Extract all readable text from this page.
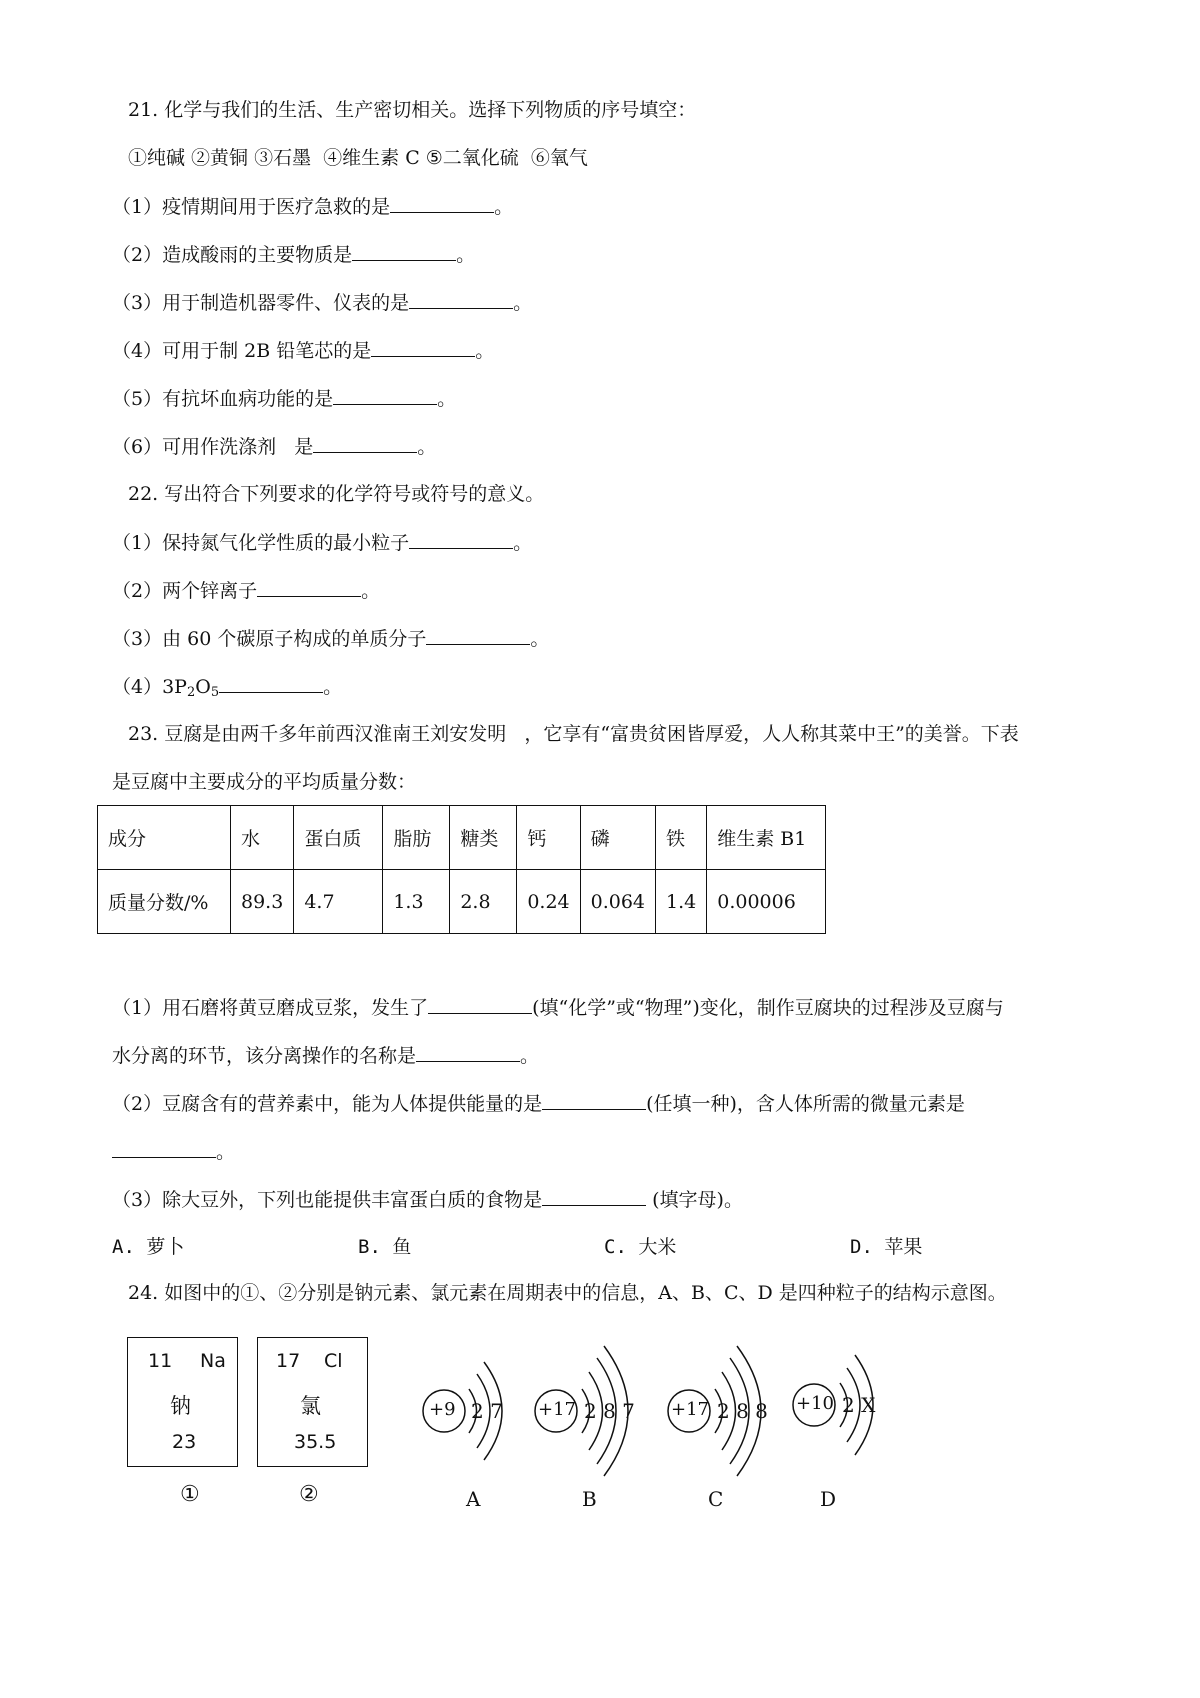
21. 化学与我们的生活、生产密切相关。选择下列物质的序号填空：
①纯碱 ②黄铜 ③石墨  ④维生素 C ⑤二氧化硫  ⑥氧气
（1）疫情期间用于医疗急救的是	。
（2）造成酸雨的主要物质是	。
（3）用于制造机器零件、仪表的是	。
（4）可用于制 2B 铅笔芯的是	。
（5）有抗坏血病功能的是	。
（6）可用作洗涤剂   是	。
22. 写出符合下列要求的化学符号或符号的意义。
（1）保持氮气化学性质的最小粒子	。
（2）两个锌离子	。
（3）由 60 个碳原子构成的单质分子	。
$(4)3P_2O_5$	。
23. 豆腐是由两千多年前西汉淮南王刘安发明   ，它享有“富贵贫困皆厚爱，人人称其菜中王”的美誉。下表
是豆腐中主要成分的平均质量分数：
成分	水	蛋白质	脂肪	糖类	钙	磷	铁	维生素 B1
质量分数/%	89.3	4.7	1.3	2.8	0.24	0.064	1.4	0.00006
（1）用石磨将黄豆磨成豆浆，发生了	(填“化学”或“物理”)变化，制作豆腐块的过程涉及豆腐与
水分离的环节，该分离操作的名称是	。
（2）豆腐含有的营养素中，能为人体提供能量的是	(任填一种)，含人体所需的微量元素是
。
（3）除大豆外，下列也能提供丰富蛋白质的食物是	(填字母)。
A. 萝卜	B. 鱼	C. 大米	D. 苹果
24. 如图中的①、②分别是钠元素、氯元素在周期表中的信息，A、B、C、D 是四种粒子的结构示意图。
11 Na
钠
23
17 Cl
氯
35.5
①	②
+9 2 7 +17 2 8 7 +17 2 8 8 +10 2 X
A	B	C	D
